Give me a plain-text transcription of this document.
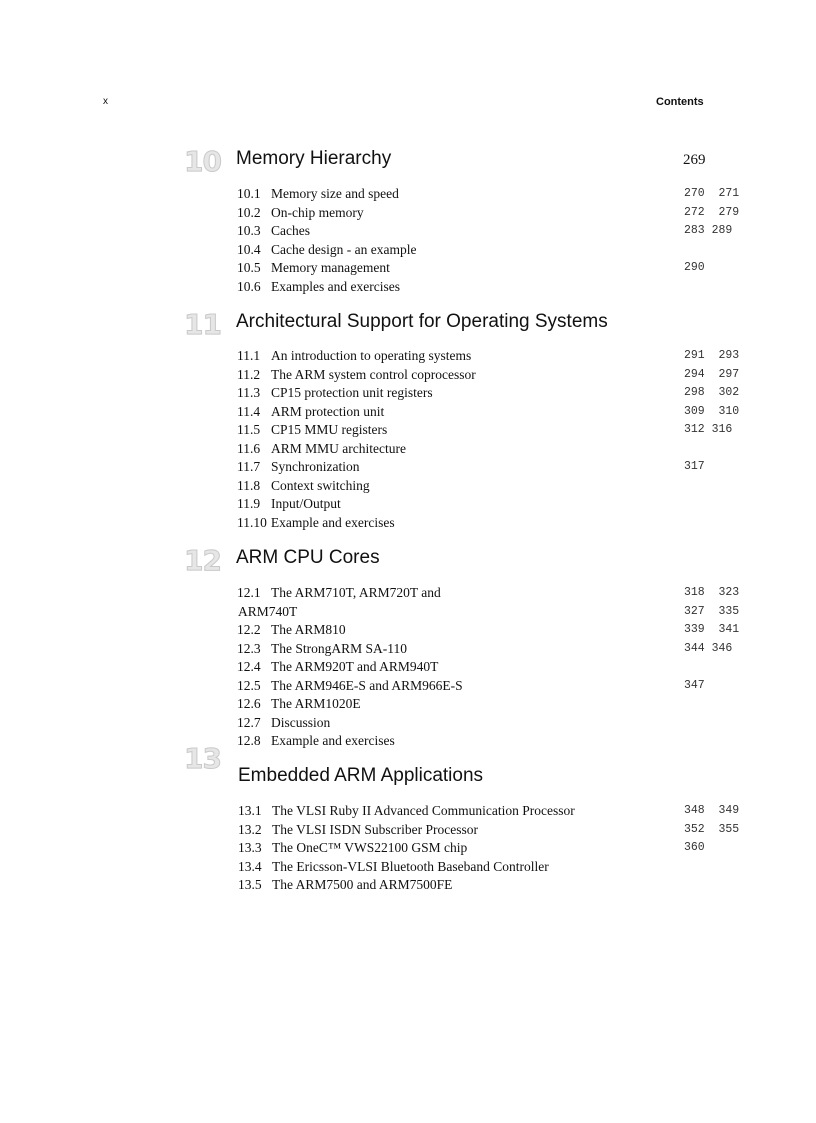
x	Contents
10 Memory Hierarchy	269
10.1 Memory size and speed	270  271
10.2 On-chip memory	272  279
10.3 Caches	283 289
10.4 Cache design - an example
10.5 Memory management	290
10.6 Examples and exercises
11 Architectural Support for Operating Systems
11.1 An introduction to operating systems	291  293
11.2 The ARM system control coprocessor	294  297
11.3 CP15 protection unit registers	298  302
11.4 ARM protection unit	309  310
11.5 CP15 MMU registers	312 316
11.6 ARM MMU architecture
11.7 Synchronization	317
11.8 Context switching
11.9 Input/Output
11.10 Example and exercises
12 ARM CPU Cores
12.1 The ARM710T, ARM720T and	318  323
ARM740T	327  335
12.2 The ARM810	339  341
12.3 The StrongARM SA-110	344 346
12.4 The ARM920T and ARM940T
12.5 The ARM946E-S and ARM966E-S	347
12.6 The ARM1020E
12.7 Discussion
12.8 Example and exercises
13
Embedded ARM Applications
13.1 The VLSI Ruby II Advanced Communication Processor	348  349
13.2 The VLSI ISDN Subscriber Processor	352  355
13.3 The OneC™ VWS22100 GSM chip	360
13.4 The Ericsson-VLSI Bluetooth Baseband Controller
13.5 The ARM7500 and ARM7500FE
